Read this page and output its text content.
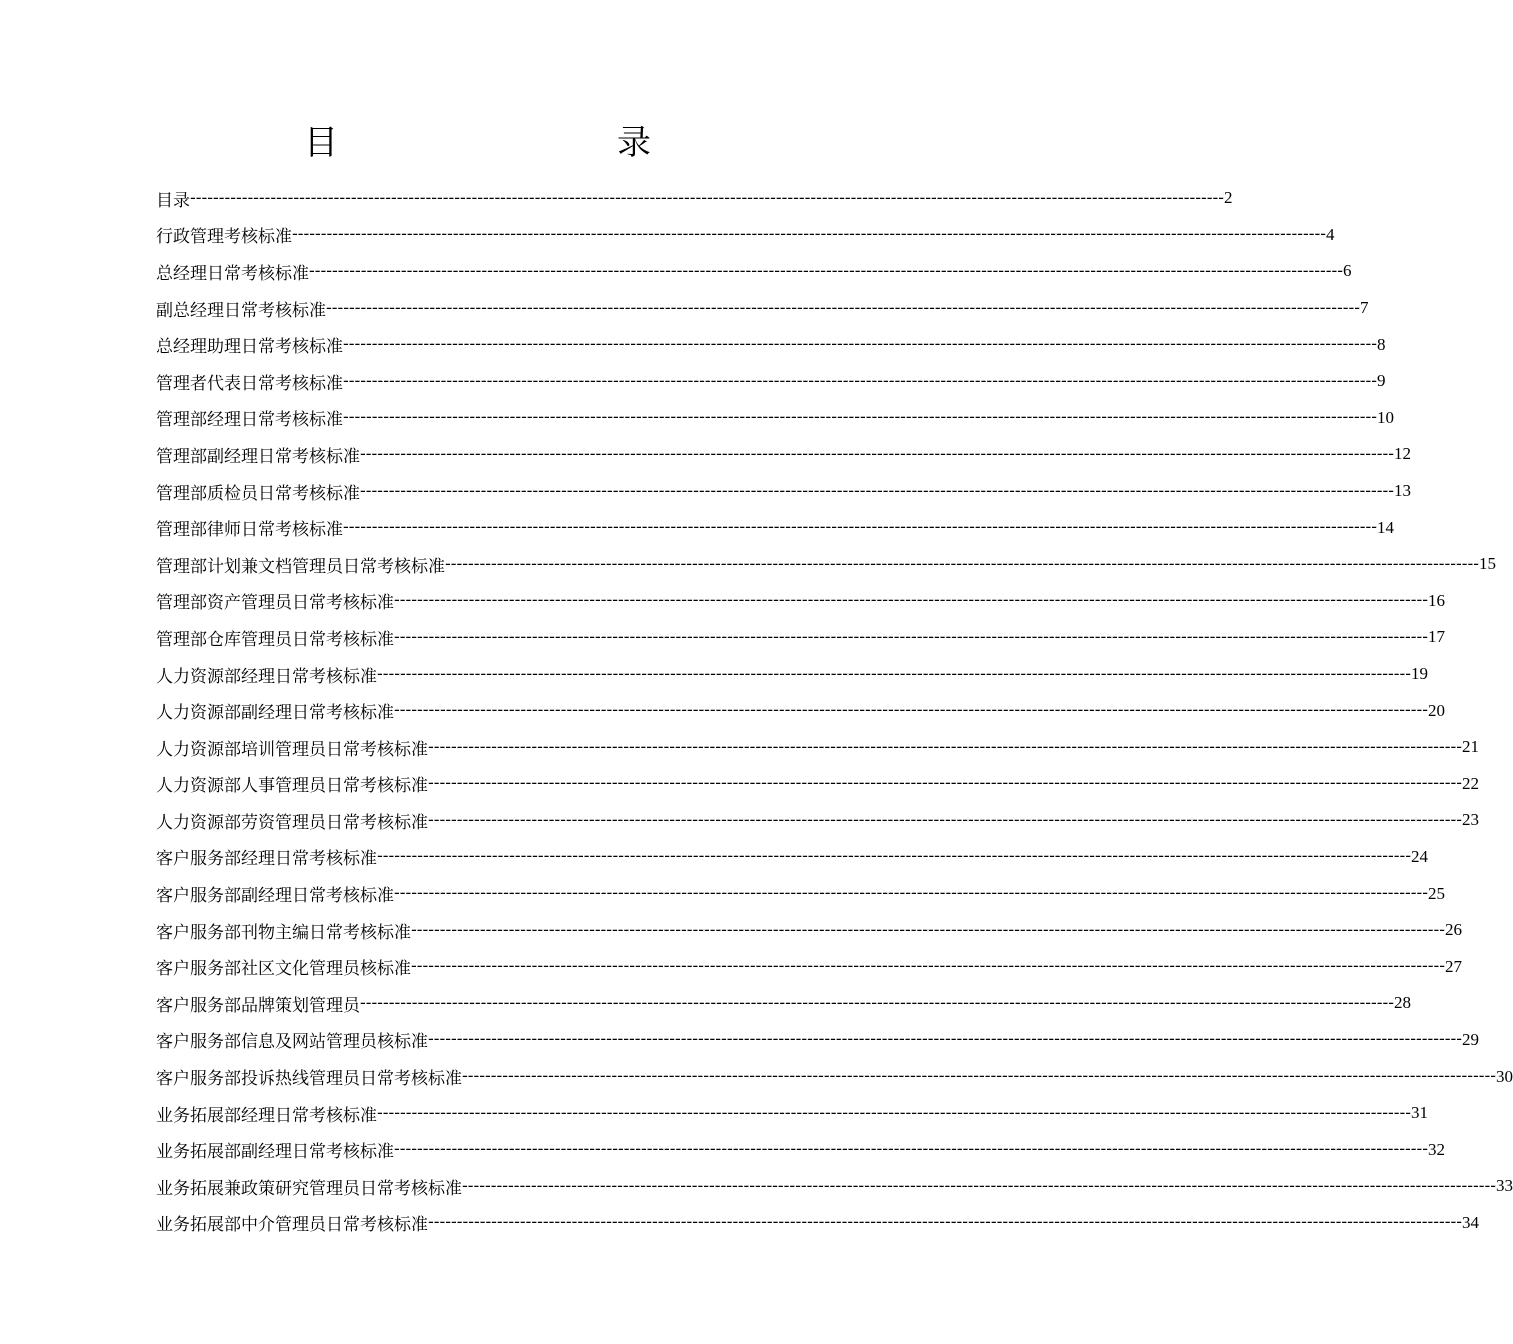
目	录
目录 ------------------------------------------------------------------------------------------------------------------------------------------------------------------------------------ 2
行政管理考核标准 ------------------------------------------------------------------------------------------------------------------------------------------------------------------------------------ 4
总经理日常考核标准 ------------------------------------------------------------------------------------------------------------------------------------------------------------------------------------ 6
副总经理日常考核标准 ------------------------------------------------------------------------------------------------------------------------------------------------------------------------------------ 7
总经理助理日常考核标准 ------------------------------------------------------------------------------------------------------------------------------------------------------------------------------------ 8
管理者代表日常考核标准 ------------------------------------------------------------------------------------------------------------------------------------------------------------------------------------ 9
管理部经理日常考核标准 ------------------------------------------------------------------------------------------------------------------------------------------------------------------------------------ 10
管理部副经理日常考核标准 ------------------------------------------------------------------------------------------------------------------------------------------------------------------------------------ 12
管理部质检员日常考核标准 ------------------------------------------------------------------------------------------------------------------------------------------------------------------------------------ 13
管理部律师日常考核标准 ------------------------------------------------------------------------------------------------------------------------------------------------------------------------------------ 14
管理部计划兼文档管理员日常考核标准 ------------------------------------------------------------------------------------------------------------------------------------------------------------------------------------ 15
管理部资产管理员日常考核标准 ------------------------------------------------------------------------------------------------------------------------------------------------------------------------------------ 16
管理部仓库管理员日常考核标准 ------------------------------------------------------------------------------------------------------------------------------------------------------------------------------------ 17
人力资源部经理日常考核标准 ------------------------------------------------------------------------------------------------------------------------------------------------------------------------------------ 19
人力资源部副经理日常考核标准 ------------------------------------------------------------------------------------------------------------------------------------------------------------------------------------ 20
人力资源部培训管理员日常考核标准 ------------------------------------------------------------------------------------------------------------------------------------------------------------------------------------ 21
人力资源部人事管理员日常考核标准 ------------------------------------------------------------------------------------------------------------------------------------------------------------------------------------ 22
人力资源部劳资管理员日常考核标准 ------------------------------------------------------------------------------------------------------------------------------------------------------------------------------------ 23
客户服务部经理日常考核标准 ------------------------------------------------------------------------------------------------------------------------------------------------------------------------------------ 24
客户服务部副经理日常考核标准 ------------------------------------------------------------------------------------------------------------------------------------------------------------------------------------ 25
客户服务部刊物主编日常考核标准 ------------------------------------------------------------------------------------------------------------------------------------------------------------------------------------ 26
客户服务部社区文化管理员核标准 ------------------------------------------------------------------------------------------------------------------------------------------------------------------------------------ 27
客户服务部品牌策划管理员 ------------------------------------------------------------------------------------------------------------------------------------------------------------------------------------ 28
客户服务部信息及网站管理员核标准 ------------------------------------------------------------------------------------------------------------------------------------------------------------------------------------ 29
客户服务部投诉热线管理员日常考核标准 ------------------------------------------------------------------------------------------------------------------------------------------------------------------------------------ 30
业务拓展部经理日常考核标准 ------------------------------------------------------------------------------------------------------------------------------------------------------------------------------------ 31
业务拓展部副经理日常考核标准 ------------------------------------------------------------------------------------------------------------------------------------------------------------------------------------ 32
业务拓展兼政策研究管理员日常考核标准 ------------------------------------------------------------------------------------------------------------------------------------------------------------------------------------ 33
业务拓展部中介管理员日常考核标准 ------------------------------------------------------------------------------------------------------------------------------------------------------------------------------------ 34
